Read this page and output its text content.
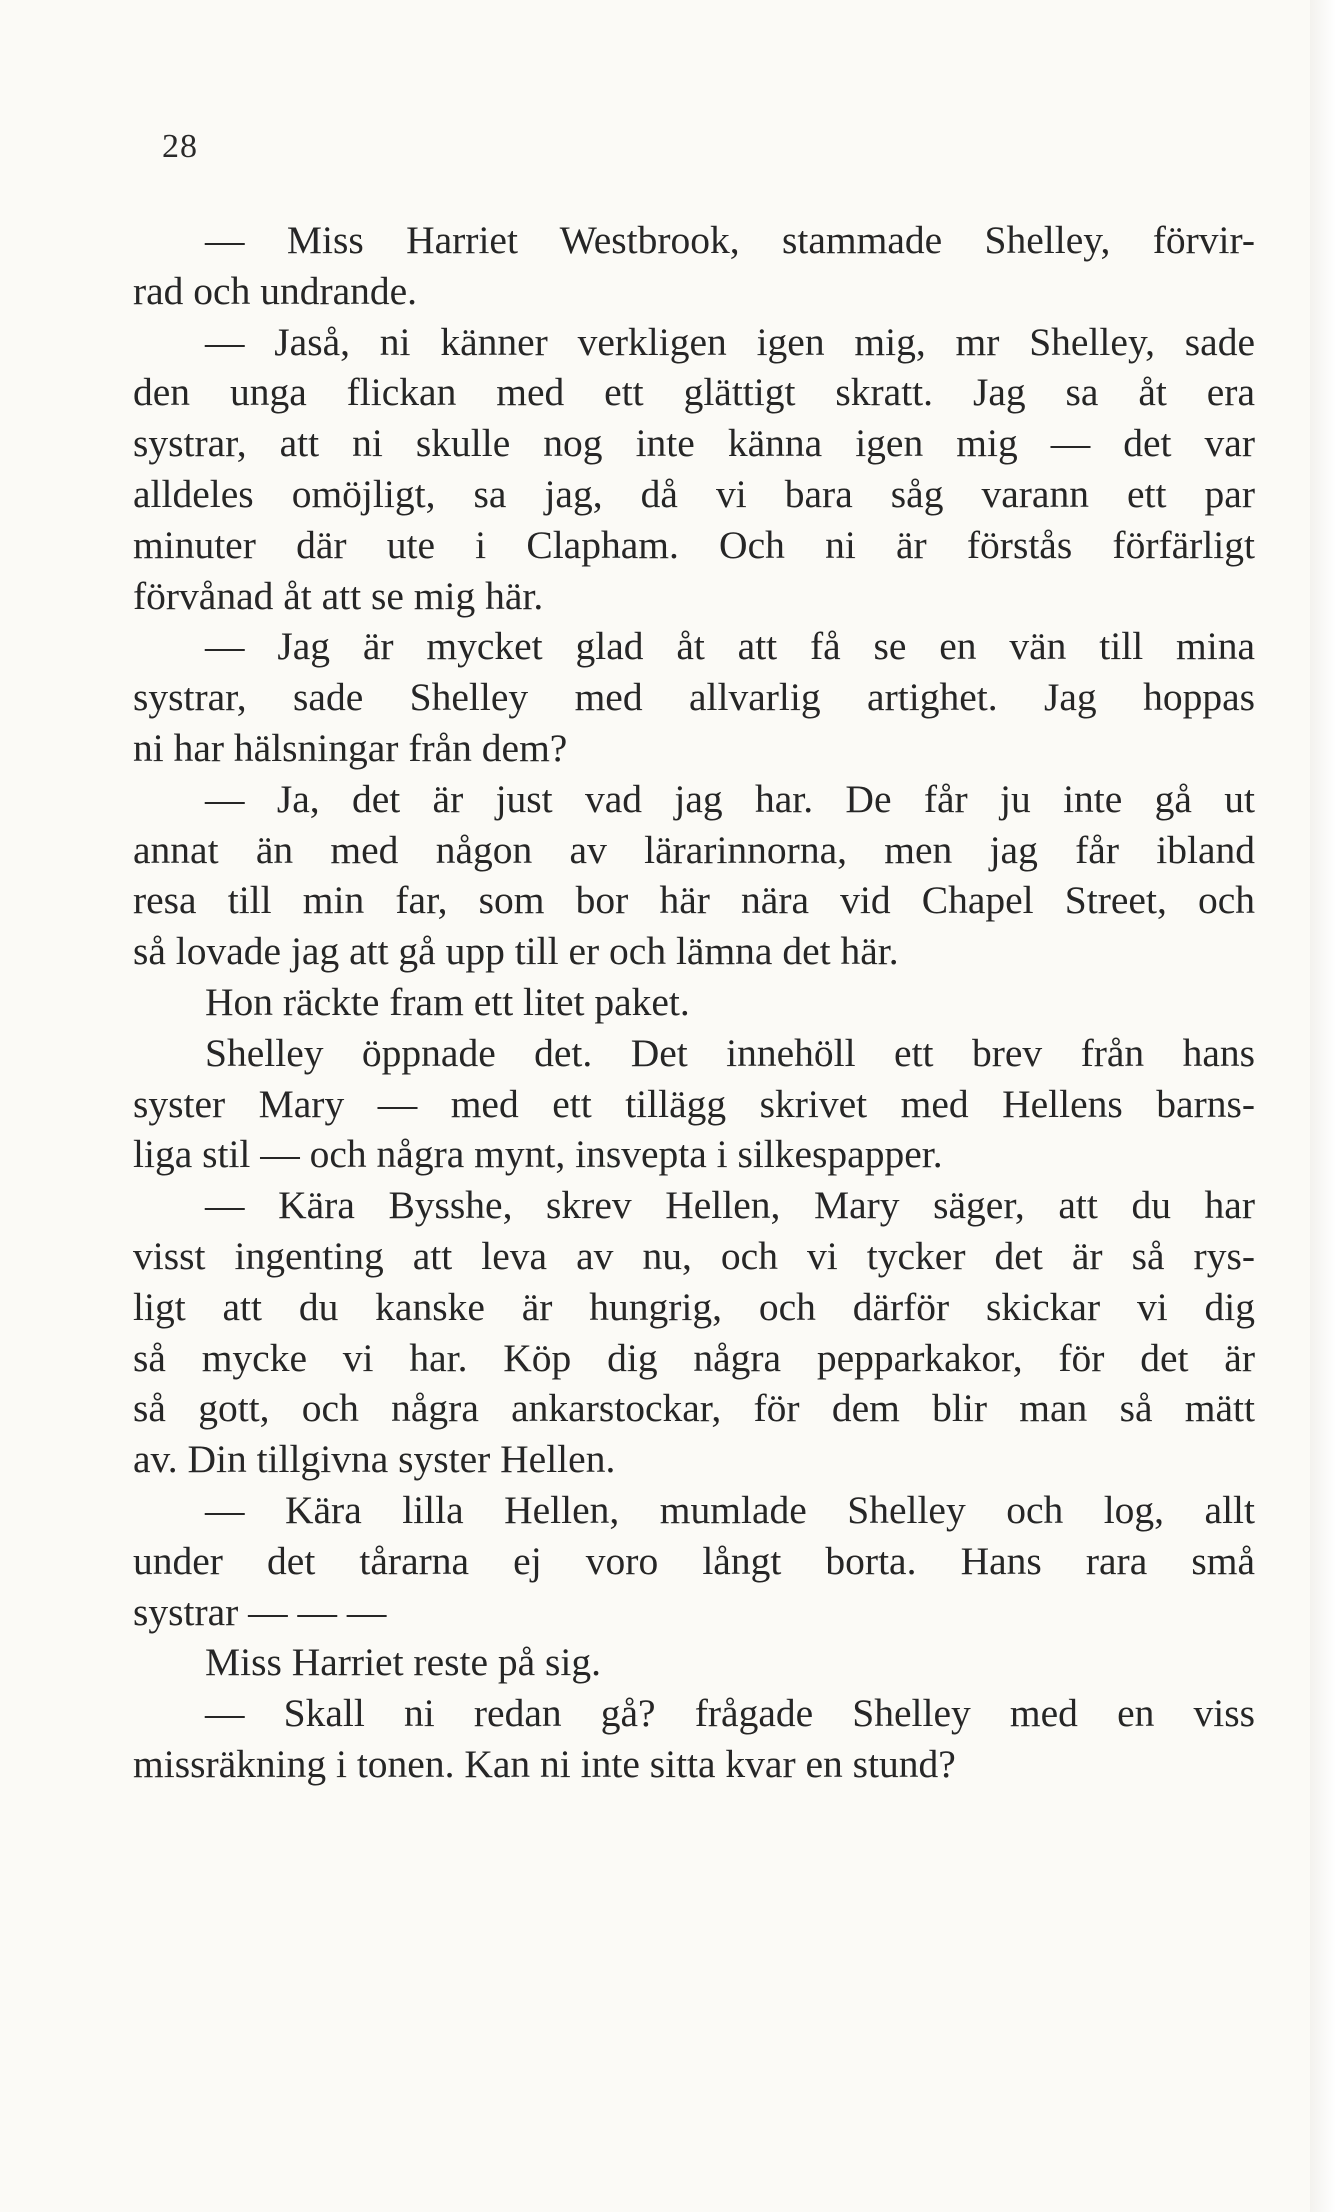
28
— Miss Harriet Westbrook, stammade Shelley, förvir-
rad och undrande.
— Jaså, ni känner verkligen igen mig, mr Shelley, sade
den unga flickan med ett glättigt skratt. Jag sa åt era
systrar, att ni skulle nog inte känna igen mig — det var
alldeles omöjligt, sa jag, då vi bara såg varann ett par
minuter där ute i Clapham. Och ni är förstås förfärligt
förvånad åt att se mig här.
— Jag är mycket glad åt att få se en vän till mina
systrar, sade Shelley med allvarlig artighet. Jag hoppas
ni har hälsningar från dem?
— Ja, det är just vad jag har. De får ju inte gå ut
annat än med någon av lärarinnorna, men jag får ibland
resa till min far, som bor här nära vid Chapel Street, och
så lovade jag att gå upp till er och lämna det här.
Hon räckte fram ett litet paket.
Shelley öppnade det. Det innehöll ett brev från hans
syster Mary — med ett tillägg skrivet med Hellens barns-
liga stil — och några mynt, insvepta i silkespapper.
— Kära Bysshe, skrev Hellen, Mary säger, att du har
visst ingenting att leva av nu, och vi tycker det är så rys-
ligt att du kanske är hungrig, och därför skickar vi dig
så mycke vi har. Köp dig några pepparkakor, för det är
så gott, och några ankarstockar, för dem blir man så mätt
av. Din tillgivna syster Hellen.
— Kära lilla Hellen, mumlade Shelley och log, allt
under det tårarna ej voro långt borta. Hans rara små
systrar — — —
Miss Harriet reste på sig.
— Skall ni redan gå? frågade Shelley med en viss
missräkning i tonen. Kan ni inte sitta kvar en stund?
